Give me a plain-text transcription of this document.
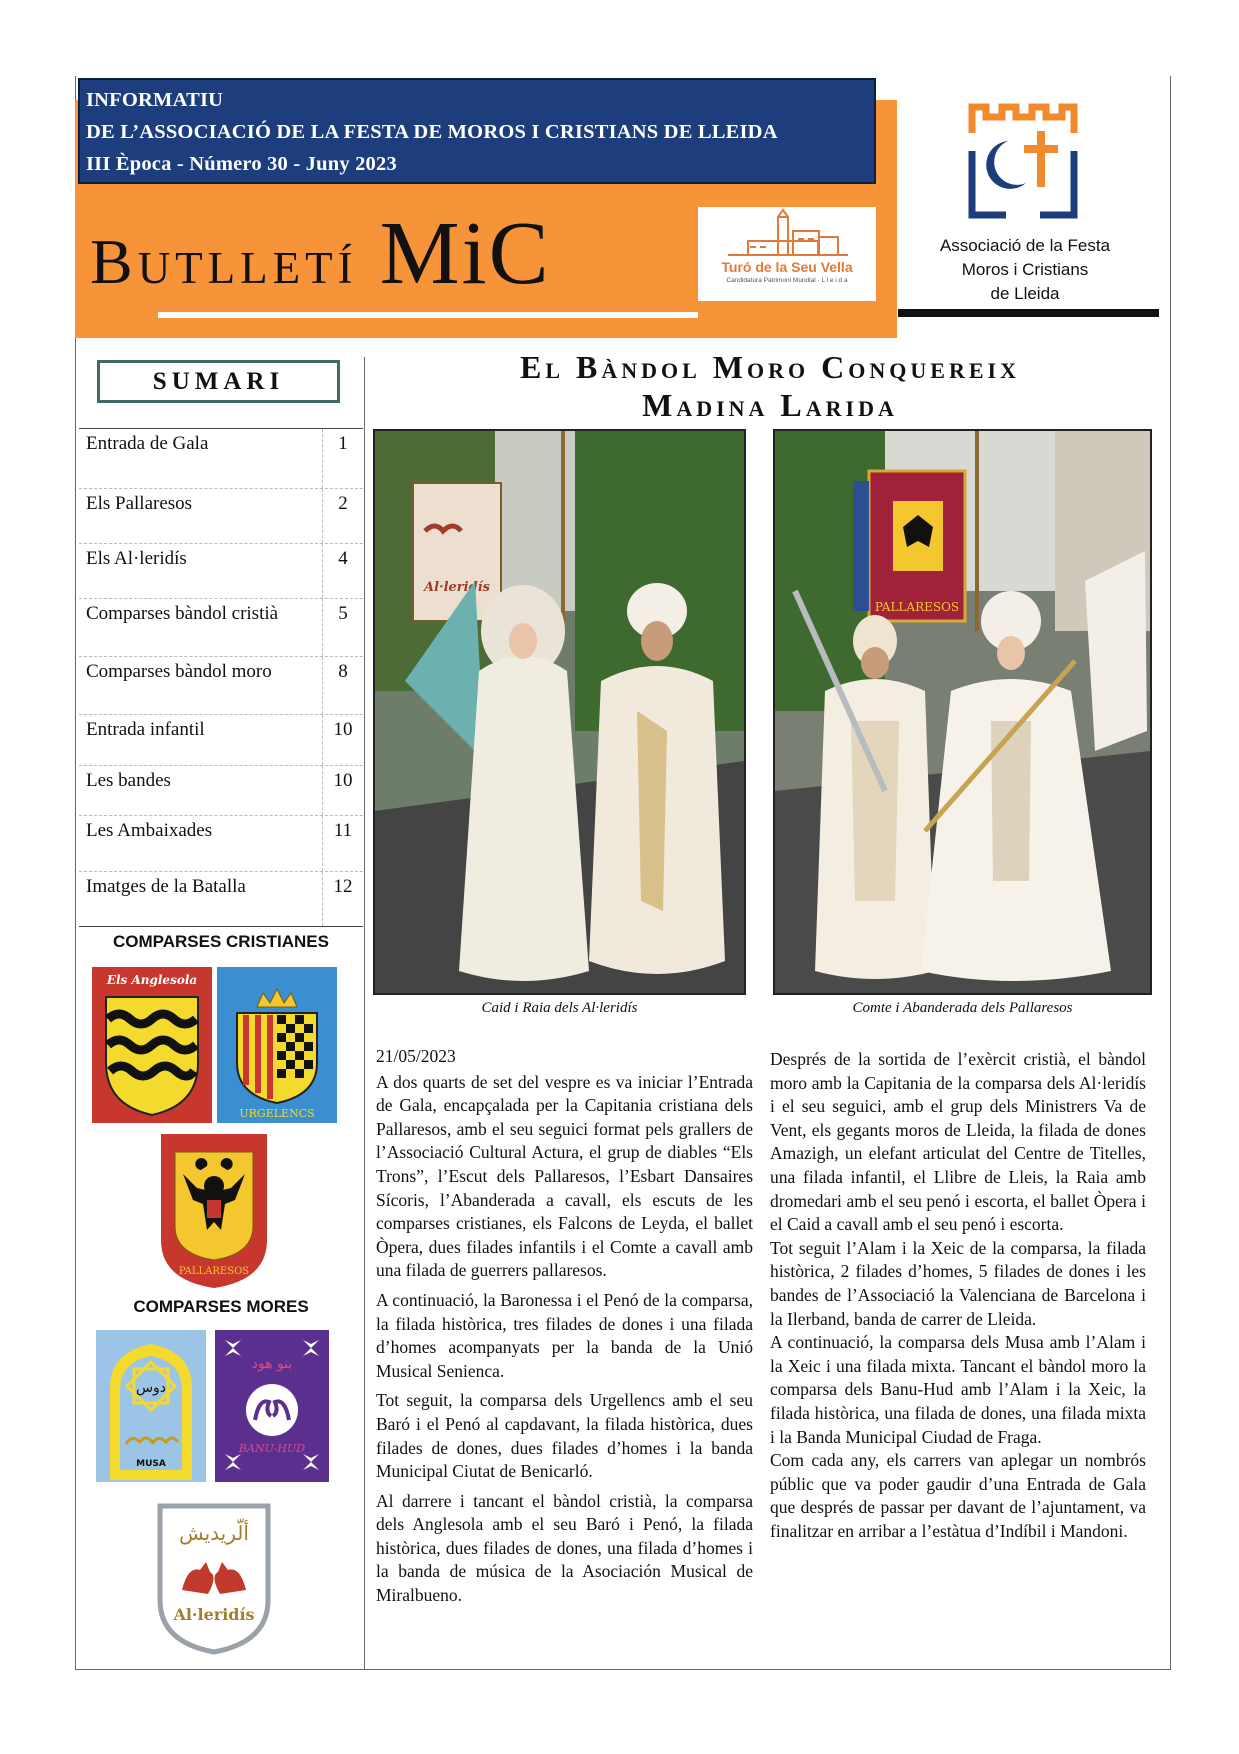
INFORMATIU
DE L’ASSOCIACIÓ DE LA FESTA DE MOROS I CRISTIANS DE LLEIDA
III Època - Número 30 - Juny 2023
Butlletí MiC	Turó de la Seu Vella
Candidatura Patrimoni Mundial · L l e i d a
Associació de la Festa
Moros i Cristians
de Lleida
SUMARI
Entrada de Gala	1
Els Pallaresos	2
Els Al·leridís	4
Comparses bàndol cristià	5
Comparses bàndol moro	8
Entrada infantil	10
Les bandes	10
Les Ambaixades	11
Imatges de la Batalla	12
COMPARSES CRISTIANES
Els Anglesola
URGELENCS
PALLARESOS
COMPARSES MORES
دوس
MUSA
بنو هود
BANU-HUD
ألّريديش
Al·leridís
El Bàndol Moro Conquereix
Madina Larida
Al·leridís
Caid i Raia dels Al·leridís
PALLARESOS
Comte i Abanderada dels Pallaresos
21/05/2023

A dos quarts de set del vespre es va iniciar l’Entrada de Gala, encapçalada per la Capitania cristiana dels Pallaresos, amb el seu seguici format pels grallers de l’Associació Cultural Actura, el grup de diables “Els Trons”, l’Escut dels Pallaresos, l’Esbart Dansaires Sícoris, l’Abanderada a cavall, els escuts de les comparses cristianes, els Falcons de Leyda, el ballet Òpera, dues filades infantils i el Comte a cavall amb una filada de guerrers pallaresos.

A continuació, la Baronessa i el Penó de la comparsa, la filada històrica, tres filades de dones i una filada d’homes acompanyats per la banda de la Unió Musical Senienca.

Tot seguit, la comparsa dels Urgellencs amb el seu Baró i el Penó al capdavant, la filada històrica, dues filades de dones, dues filades d’homes i la banda Municipal Ciutat de Benicarló.

Al darrere i tancant el bàndol cristià, la comparsa dels Anglesola amb el seu Baró i Penó, la filada històrica, dues filades de dones, una filada d’homes i la banda de música de la Asociación Musical de Miralbueno.

Després de la sortida de l’exèrcit cristià, el bàndol moro amb la Capitania de la comparsa dels Al·leridís i el seu seguici, amb el grup dels Ministrers Va de Vent, els gegants moros de Lleida, la filada de dones Amazigh, un elefant articulat del Centre de Titelles, una filada infantil, el Llibre de Lleis, la Raia amb dromedari amb el seu penó i escorta, el ballet Òpera i el Caid a cavall amb el seu penó i escorta.

Tot seguit l’Alam i la Xeic de la comparsa, la filada històrica, 2 filades d’homes, 5 filades de dones i les bandes de l’Associació la Valenciana de Barcelona i la Ilerband, banda de carrer de Lleida.

A continuació, la comparsa dels Musa amb l’Alam i la Xeic i una filada mixta. Tancant el bàndol moro la comparsa dels Banu-Hud amb l’Alam i la Xeic, la filada històrica, una filada de dones, una filada mixta i la Banda Municipal Ciudad de Fraga.

Com cada any, els carrers van aplegar un nombrós públic que va poder gaudir d’una Entrada de Gala que després de passar per davant de l’ajuntament, va finalitzar en arribar a l’estàtua d’Indíbil i Mandoni.
